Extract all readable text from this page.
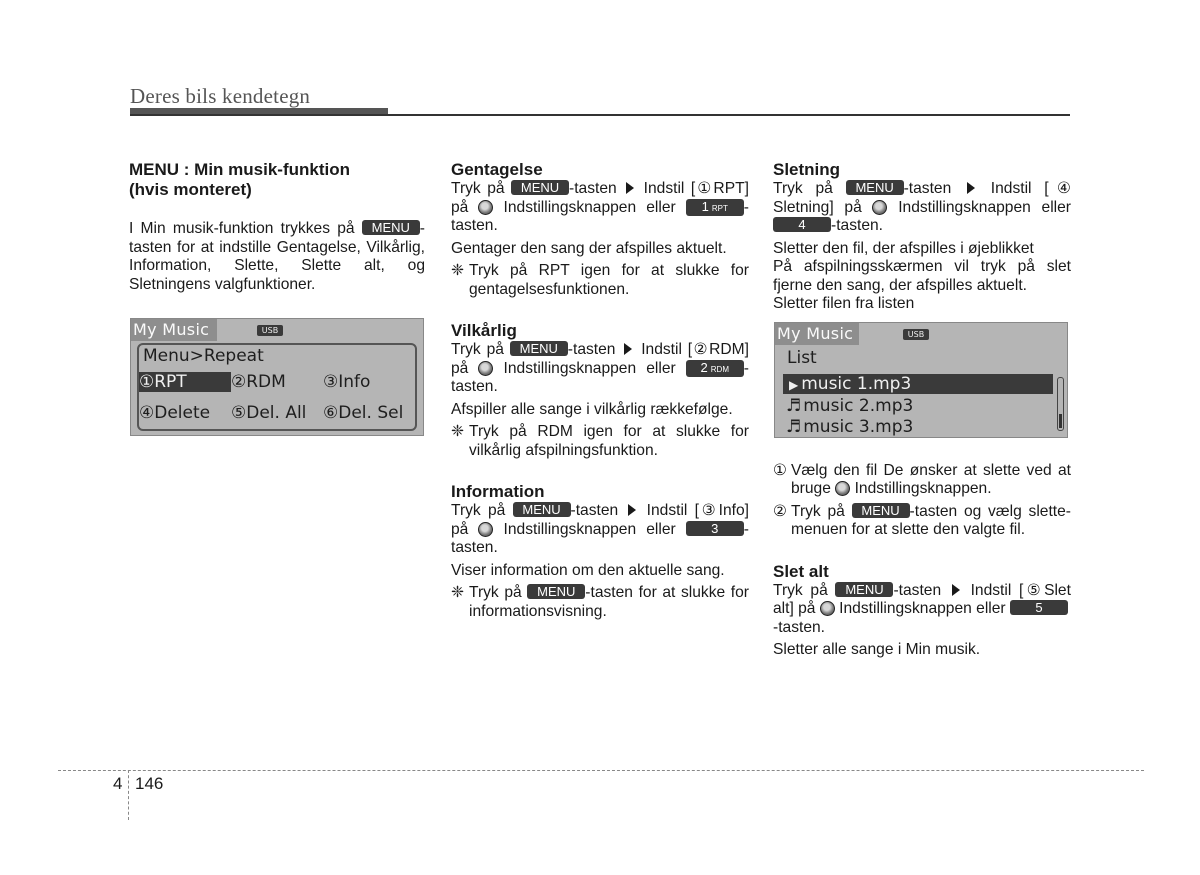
Deres bils kendetegn

MENU : Min musik-funktion
(hvis monteret)

I Min musik-funktion trykkes på MENU - tasten for at indstille Gentagelse, Vilkårlig, Information, Slette, Slette alt, og Sletningens valgfunktioner.

My Music	USB
Menu>Repeat
①RPT	②RDM ③Info
④Delete ⑤Del. All ⑥Del. Sel

Gentagelse

Tryk på MENU -tasten Indstil [①RPT] på Indstillingsknappen eller 1 RPT - tasten.

Gentager den sang der afspilles aktuelt.

❈ Tryk på RPT igen for at slukke for gentagelsesfunktionen.

Vilkårlig

Tryk på MENU -tasten Indstil [②RDM] på Indstillingsknappen eller 2 RDM - tasten.

Afspiller alle sange i vilkårlig rækkefølge.

❈ Tryk på RDM igen for at slukke for vilkårlig afspilningsfunktion.

Information

Tryk på MENU -tasten Indstil [③Info] på Indstillingsknappen eller	3 - tasten.

Viser information om den aktuelle sang.

❈ Tryk på MENU -tasten for at slukke for informationsvisning.

Sletning

Tryk på MENU -tasten	Indstil [④ Sletning] på Indstillingsknappen eller 4 -tasten.

Sletter den fil, der afspilles i øjeblikket

På afspilningsskærmen vil tryk på slet fjerne den sang, der afspilles aktuelt.

Sletter filen fra listen

① Vælg den fil De ønsker at slette ved at bruge Indstillingsknappen.
② Tryk på MENU -tasten og vælg slette-menuen for at slette den valgte fil.

Slet alt

Tryk på MENU -tasten Indstil [⑤Slet alt] på Indstillingsknappen eller 5
-tasten.

Sletter alle sange i Min musik.

My Music	USB
List
▶ music 1.mp3
♬ music 2.mp3
♬ music 3.mp3
4 146
